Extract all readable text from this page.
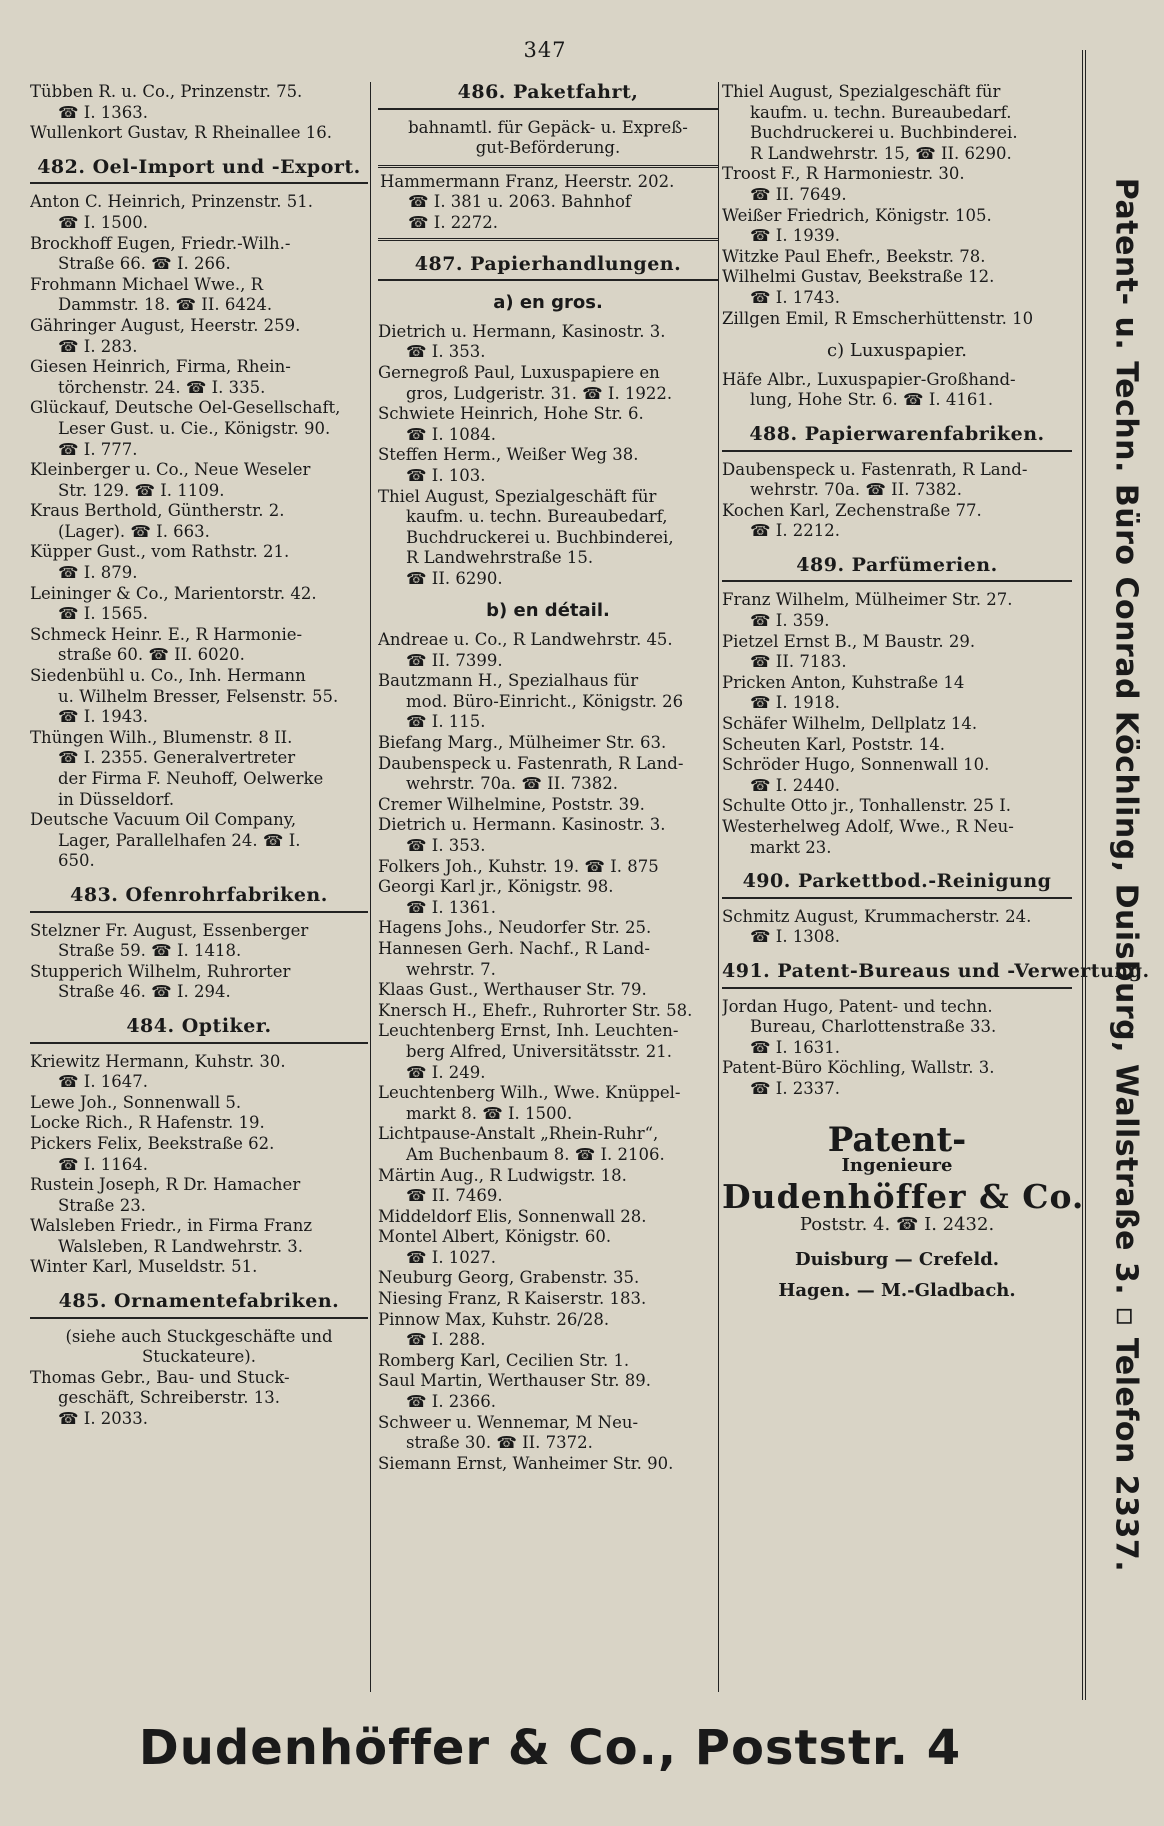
347
Tübben R. u. Co., Prinzenstr. 75.
☎ I. 1363.
Wullenkort Gustav, R Rheinallee 16.
482. Oel-Import und -Export.
Anton C. Heinrich, Prinzenstr. 51.
☎ I. 1500.
Brockhoff Eugen, Friedr.-Wilh.-
Straße 66. ☎ I. 266.
Frohmann Michael Wwe., R
Dammstr. 18. ☎ II. 6424.
Gähringer August, Heerstr. 259.
☎ I. 283.
Giesen Heinrich, Firma, Rhein-
törchenstr. 24. ☎ I. 335.
Glückauf, Deutsche Oel-Gesellschaft,
Leser Gust. u. Cie., Königstr. 90.
☎ I. 777.
Kleinberger u. Co., Neue Weseler
Str. 129. ☎ I. 1109.
Kraus Berthold, Güntherstr. 2.
(Lager). ☎ I. 663.
Küpper Gust., vom Rathstr. 21.
☎ I. 879.
Leininger & Co., Marientorstr. 42.
☎ I. 1565.
Schmeck Heinr. E., R Harmonie-
straße 60. ☎ II. 6020.
Siedenbühl u. Co., Inh. Hermann
u. Wilhelm Bresser, Felsenstr. 55.
☎ I. 1943.
Thüngen Wilh., Blumenstr. 8 II.
☎ I. 2355. Generalvertreter
der Firma F. Neuhoff, Oelwerke
in Düsseldorf.
Deutsche Vacuum Oil Company,
Lager, Parallelhafen 24. ☎ I.
650.
483. Ofenrohrfabriken.
Stelzner Fr. August, Essenberger
Straße 59. ☎ I. 1418.
Stupperich Wilhelm, Ruhrorter
Straße 46. ☎ I. 294.
484. Optiker.
Kriewitz Hermann, Kuhstr. 30.
☎ I. 1647.
Lewe Joh., Sonnenwall 5.
Locke Rich., R Hafenstr. 19.
Pickers Felix, Beekstraße 62.
☎ I. 1164.
Rustein Joseph, R Dr. Hamacher
Straße 23.
Walsleben Friedr., in Firma Franz
Walsleben, R Landwehrstr. 3.
Winter Karl, Museldstr. 51.
485. Ornamentefabriken.
(siehe auch Stuckgeschäfte und
Stuckateure).
Thomas Gebr., Bau- und Stuck-
geschäft, Schreiberstr. 13.
☎ I. 2033.
486. Paketfahrt,
bahnamtl. für Gepäck- u. Expreß-
gut-Beförderung.
Hammermann Franz, Heerstr. 202.
☎ I. 381 u. 2063. Bahnhof
☎ I. 2272.
487. Papierhandlungen.
a) en gros.
Dietrich u. Hermann, Kasinostr. 3.
☎ I. 353.
Gernegroß Paul, Luxuspapiere en
gros, Ludgeristr. 31. ☎ I. 1922.
Schwiete Heinrich, Hohe Str. 6.
☎ I. 1084.
Steffen Herm., Weißer Weg 38.
☎ I. 103.
Thiel August, Spezialgeschäft für
kaufm. u. techn. Bureaubedarf,
Buchdruckerei u. Buchbinderei,
R Landwehrstraße 15.
☎ II. 6290.
b) en détail.
Andreae u. Co., R Landwehrstr. 45.
☎ II. 7399.
Bautzmann H., Spezialhaus für
mod. Büro-Einricht., Königstr. 26
☎ I. 115.
Biefang Marg., Mülheimer Str. 63.
Daubenspeck u. Fastenrath, R Land-
wehrstr. 70a. ☎ II. 7382.
Cremer Wilhelmine, Poststr. 39.
Dietrich u. Hermann. Kasinostr. 3.
☎ I. 353.
Folkers Joh., Kuhstr. 19. ☎ I. 875
Georgi Karl jr., Königstr. 98.
☎ I. 1361.
Hagens Johs., Neudorfer Str. 25.
Hannesen Gerh. Nachf., R Land-
wehrstr. 7.
Klaas Gust., Werthauser Str. 79.
Knersch H., Ehefr., Ruhrorter Str. 58.
Leuchtenberg Ernst, Inh. Leuchten-
berg Alfred, Universitätsstr. 21.
☎ I. 249.
Leuchtenberg Wilh., Wwe. Knüppel-
markt 8. ☎ I. 1500.
Lichtpause-Anstalt „Rhein-Ruhr“,
Am Buchenbaum 8. ☎ I. 2106.
Märtin Aug., R Ludwigstr. 18.
☎ II. 7469.
Middeldorf Elis, Sonnenwall 28.
Montel Albert, Königstr. 60.
☎ I. 1027.
Neuburg Georg, Grabenstr. 35.
Niesing Franz, R Kaiserstr. 183.
Pinnow Max, Kuhstr. 26/28.
☎ I. 288.
Romberg Karl, Cecilien Str. 1.
Saul Martin, Werthauser Str. 89.
☎ I. 2366.
Schweer u. Wennemar, M Neu-
straße 30. ☎ II. 7372.
Siemann Ernst, Wanheimer Str. 90.
Thiel August, Spezialgeschäft für
kaufm. u. techn. Bureaubedarf.
Buchdruckerei u. Buchbinderei.
R Landwehrstr. 15, ☎ II. 6290.
Troost F., R Harmoniestr. 30.
☎ II. 7649.
Weißer Friedrich, Königstr. 105.
☎ I. 1939.
Witzke Paul Ehefr., Beekstr. 78.
Wilhelmi Gustav, Beekstraße 12.
☎ I. 1743.
Zillgen Emil, R Emscherhüttenstr. 10
c) Luxuspapier.
Häfe Albr., Luxuspapier-Großhand-
lung, Hohe Str. 6. ☎ I. 4161.
488. Papierwarenfabriken.
Daubenspeck u. Fastenrath, R Land-
wehrstr. 70a. ☎ II. 7382.
Kochen Karl, Zechenstraße 77.
☎ I. 2212.
489. Parfümerien.
Franz Wilhelm, Mülheimer Str. 27.
☎ I. 359.
Pietzel Ernst B., M Baustr. 29.
☎ II. 7183.
Pricken Anton, Kuhstraße 14
☎ I. 1918.
Schäfer Wilhelm, Dellplatz 14.
Scheuten Karl, Poststr. 14.
Schröder Hugo, Sonnenwall 10.
☎ I. 2440.
Schulte Otto jr., Tonhallenstr. 25 I.
Westerhelweg Adolf, Wwe., R Neu-
markt 23.
490. Parkettbod.-Reinigung
Schmitz August, Krummacherstr. 24.
☎ I. 1308.
491. Patent-Bureaus und -Verwertung.
Jordan Hugo, Patent- und techn.
Bureau, Charlottenstraße 33.
☎ I. 1631.
Patent-Büro Köchling, Wallstr. 3.
☎ I. 2337.
Patent-
Ingenieure
Dudenhöffer & Co.
Poststr. 4. ☎ I. 2432.
Duisburg — Crefeld.
Hagen. — M.-Gladbach.	Patent- u. Techn. Büro Conrad Köchling, Duisburg, Wallstraße 3. ▫ Telefon 2337.
Dudenhöffer & Co., Poststr. 4
